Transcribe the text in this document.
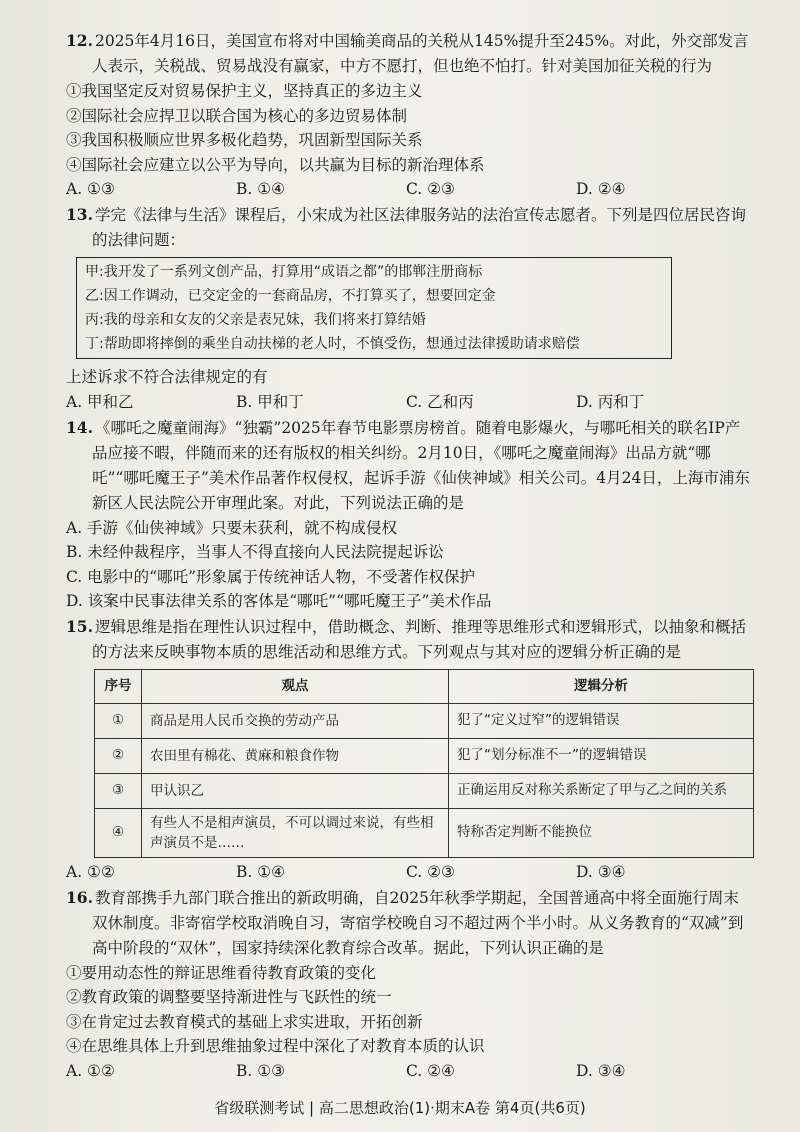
12. 2025年4月16日，美国宣布将对中国输美商品的关税从145%提升至245%。对此，外交部发言人表示，关税战、贸易战没有赢家，中方不愿打，但也绝不怕打。针对美国加征关税的行为
①我国坚定反对贸易保护主义，坚持真正的多边主义
②国际社会应捍卫以联合国为核心的多边贸易体制
③我国积极顺应世界多极化趋势，巩固新型国际关系
④国际社会应建立以公平为导向，以共赢为目标的新治理体系
A. ①③	B. ①④	C. ②③	D. ②④
13. 学完《法律与生活》课程后，小宋成为社区法律服务站的法治宣传志愿者。下列是四位居民咨询的法律问题：
甲:我开发了一系列文创产品，打算用“成语之都”的邯郸注册商标
乙:因工作调动，已交定金的一套商品房，不打算买了，想要回定金
丙:我的母亲和女友的父亲是表兄妹，我们将来打算结婚
丁:帮助即将摔倒的乘坐自动扶梯的老人时，不慎受伤，想通过法律援助请求赔偿
上述诉求不符合法律规定的有
A. 甲和乙	B. 甲和丁	C. 乙和丙	D. 丙和丁
14. 《哪吒之魔童闹海》“独霸”2025年春节电影票房榜首。随着电影爆火，与哪吒相关的联名IP产品应接不暇，伴随而来的还有版权的相关纠纷。2月10日，《哪吒之魔童闹海》出品方就“哪吒”“哪吒魔王子”美术作品著作权侵权，起诉手游《仙侠神域》相关公司。4月24日，上海市浦东新区人民法院公开审理此案。对此，下列说法正确的是
A. 手游《仙侠神域》只要未获利，就不构成侵权
B. 未经仲裁程序，当事人不得直接向人民法院提起诉讼
C. 电影中的“哪吒”形象属于传统神话人物，不受著作权保护
D. 该案中民事法律关系的客体是“哪吒”“哪吒魔王子”美术作品
15. 逻辑思维是指在理性认识过程中，借助概念、判断、推理等思维形式和逻辑形式，以抽象和概括的方法来反映事物本质的思维活动和思维方式。下列观点与其对应的逻辑分析正确的是
序号	观点	逻辑分析
①	商品是用人民币交换的劳动产品	犯了“定义过窄”的逻辑错误
②	农田里有棉花、黄麻和粮食作物	犯了“划分标准不一”的逻辑错误
③	甲认识乙	正确运用反对称关系断定了甲与乙之间的关系
④	有些人不是相声演员，不可以调过来说，有些相声演员不是……	特称否定判断不能换位
A. ①②	B. ①④	C. ②③	D. ③④
16. 教育部携手九部门联合推出的新政明确，自2025年秋季学期起，全国普通高中将全面施行周末双休制度。非寄宿学校取消晚自习，寄宿学校晚自习不超过两个半小时。从义务教育的“双减”到高中阶段的“双休”，国家持续深化教育综合改革。据此，下列认识正确的是
①要用动态性的辩证思维看待教育政策的变化
②教育政策的调整要坚持渐进性与飞跃性的统一
③在肯定过去教育模式的基础上求实进取，开拓创新
④在思维具体上升到思维抽象过程中深化了对教育本质的认识
A. ①②	B. ①③	C. ②④	D. ③④
省级联测考试 | 高二思想政治(1)·期末A卷 第4页(共6页)
